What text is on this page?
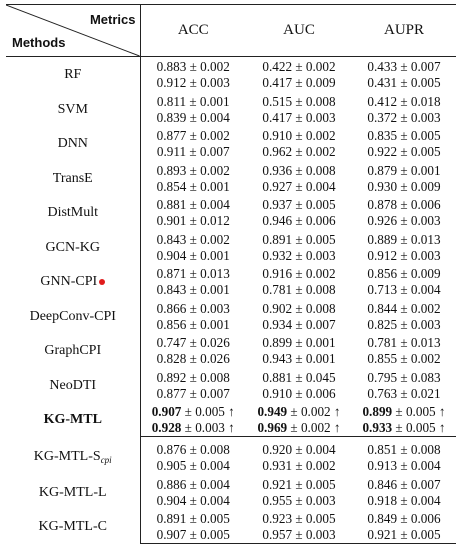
Metrics
Methods	ACC	AUC	AUPR
RF	0.883 ± 0.002	0.422 ± 0.002	0.433 ± 0.007
	0.912 ± 0.003	0.417 ± 0.009	0.431 ± 0.005
SVM	0.811 ± 0.001	0.515 ± 0.008	0.412 ± 0.018
	0.839 ± 0.004	0.417 ± 0.003	0.372 ± 0.003
DNN	0.877 ± 0.002	0.910 ± 0.002	0.835 ± 0.005
	0.911 ± 0.007	0.962 ± 0.002	0.922 ± 0.005
TransE	0.893 ± 0.002	0.936 ± 0.008	0.879 ± 0.001
	0.854 ± 0.001	0.927 ± 0.004	0.930 ± 0.009
DistMult	0.881 ± 0.004	0.937 ± 0.005	0.878 ± 0.006
	0.901 ± 0.012	0.946 ± 0.006	0.926 ± 0.003
GCN-KG	0.843 ± 0.002	0.891 ± 0.005	0.889 ± 0.013
	0.904 ± 0.001	0.932 ± 0.003	0.912 ± 0.003
GNN-CPI	0.871 ± 0.013	0.916 ± 0.002	0.856 ± 0.009
	0.843 ± 0.001	0.781 ± 0.008	0.713 ± 0.004
DeepConv-CPI	0.866 ± 0.003	0.902 ± 0.008	0.844 ± 0.002
	0.856 ± 0.001	0.934 ± 0.007	0.825 ± 0.003
GraphCPI	0.747 ± 0.026	0.899 ± 0.001	0.781 ± 0.013
	0.828 ± 0.026	0.943 ± 0.001	0.855 ± 0.002
NeoDTI	0.892 ± 0.008	0.881 ± 0.045	0.795 ± 0.083
	0.877 ± 0.007	0.910 ± 0.006	0.763 ± 0.021
KG-MTL	0.907 ± 0.005 ↑	0.949 ± 0.002 ↑	0.899 ± 0.005 ↑
	0.928 ± 0.003 ↑	0.969 ± 0.002 ↑	0.933 ± 0.005 ↑
$KG-MTL-S_{cpi}$	0.876 ± 0.008	0.920 ± 0.004	0.851 ± 0.008
	0.905 ± 0.004	0.931 ± 0.002	0.913 ± 0.004
KG-MTL-L	0.886 ± 0.004	0.921 ± 0.005	0.846 ± 0.007
	0.904 ± 0.004	0.955 ± 0.003	0.918 ± 0.004
KG-MTL-C	0.891 ± 0.005	0.923 ± 0.005	0.849 ± 0.006
	0.907 ± 0.005	0.957 ± 0.003	0.921 ± 0.005
